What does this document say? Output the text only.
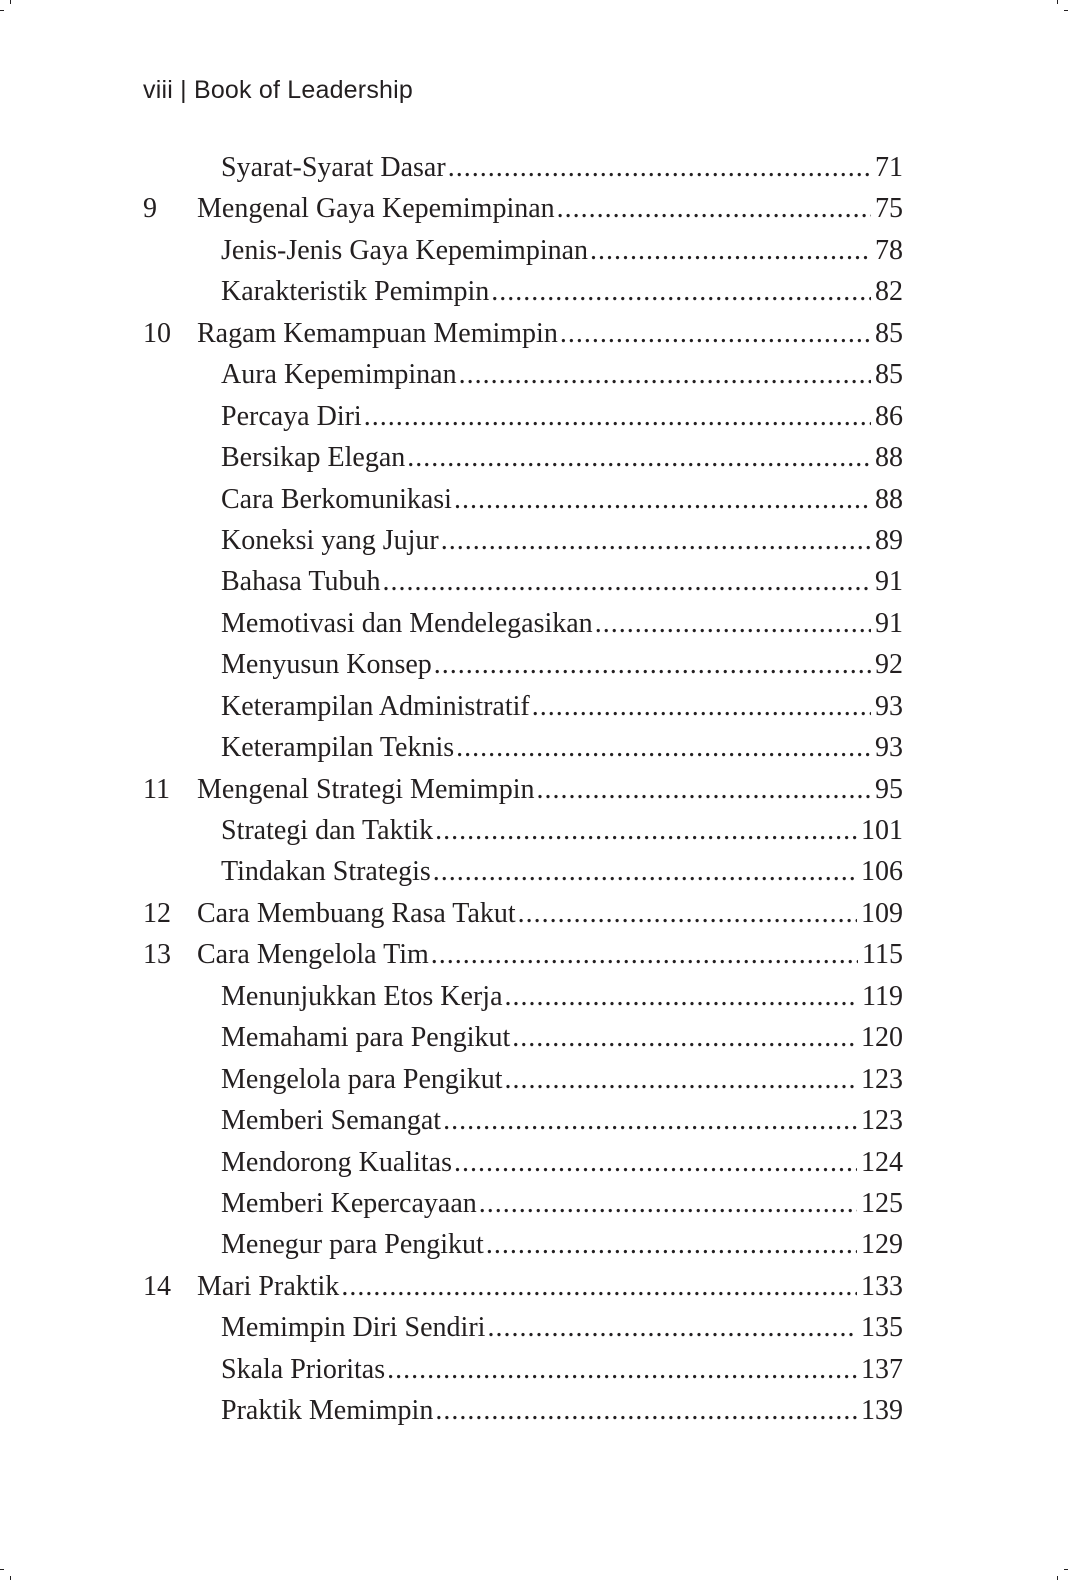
viii | Book of Leadership
Syarat-Syarat Dasar .....	71
9	Mengenal Gaya Kepemimpinan .....	75
Jenis-Jenis Gaya Kepemimpinan .....	78
Karakteristik Pemimpin .....	82
10 Ragam Kemampuan Memimpin .....	85
Aura Kepemimpinan .....	85
Percaya Diri .....	86
Bersikap Elegan .....	88
Cara Berkomunikasi .....	88
Koneksi yang Jujur .....	89
Bahasa Tubuh .....	91
Memotivasi dan Mendelegasikan .....	91
Menyusun Konsep .....	92
Keterampilan Administratif .....	93
Keterampilan Teknis .....	93
11 Mengenal Strategi Memimpin .....	95
Strategi dan Taktik .....	101
Tindakan Strategis .....	106
12 Cara Membuang Rasa Takut .....	109
13 Cara Mengelola Tim .....	115
Menunjukkan Etos Kerja .....	119
Memahami para Pengikut .....	120
Mengelola para Pengikut .....	123
Memberi Semangat .....	123
Mendorong Kualitas .....	124
Memberi Kepercayaan .....	125
Menegur para Pengikut .....	129
14 Mari Praktik .....	133
Memimpin Diri Sendiri .....	135
Skala Prioritas .....	137
Praktik Memimpin .....	139
